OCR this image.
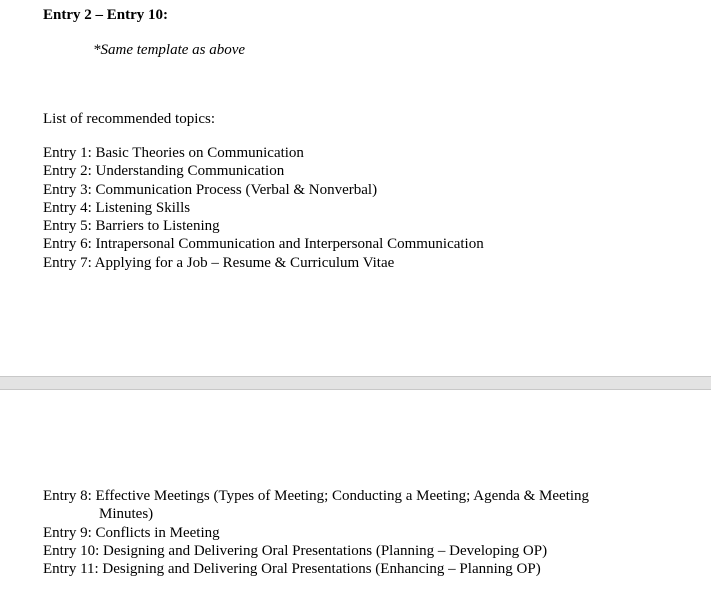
Entry 2 – Entry 10:
*Same template as above
List of recommended topics:
Entry 1: Basic Theories on Communication
Entry 2: Understanding Communication
Entry 3: Communication Process (Verbal & Nonverbal)
Entry 4: Listening Skills
Entry 5: Barriers to Listening
Entry 6: Intrapersonal Communication and Interpersonal Communication
Entry 7: Applying for a Job – Resume & Curriculum Vitae
Entry 8: Effective Meetings (Types of Meeting; Conducting a Meeting; Agenda & Meeting
Minutes)
Entry 9: Conflicts in Meeting
Entry 10: Designing and Delivering Oral Presentations (Planning – Developing OP)
Entry 11: Designing and Delivering Oral Presentations (Enhancing – Planning OP)
